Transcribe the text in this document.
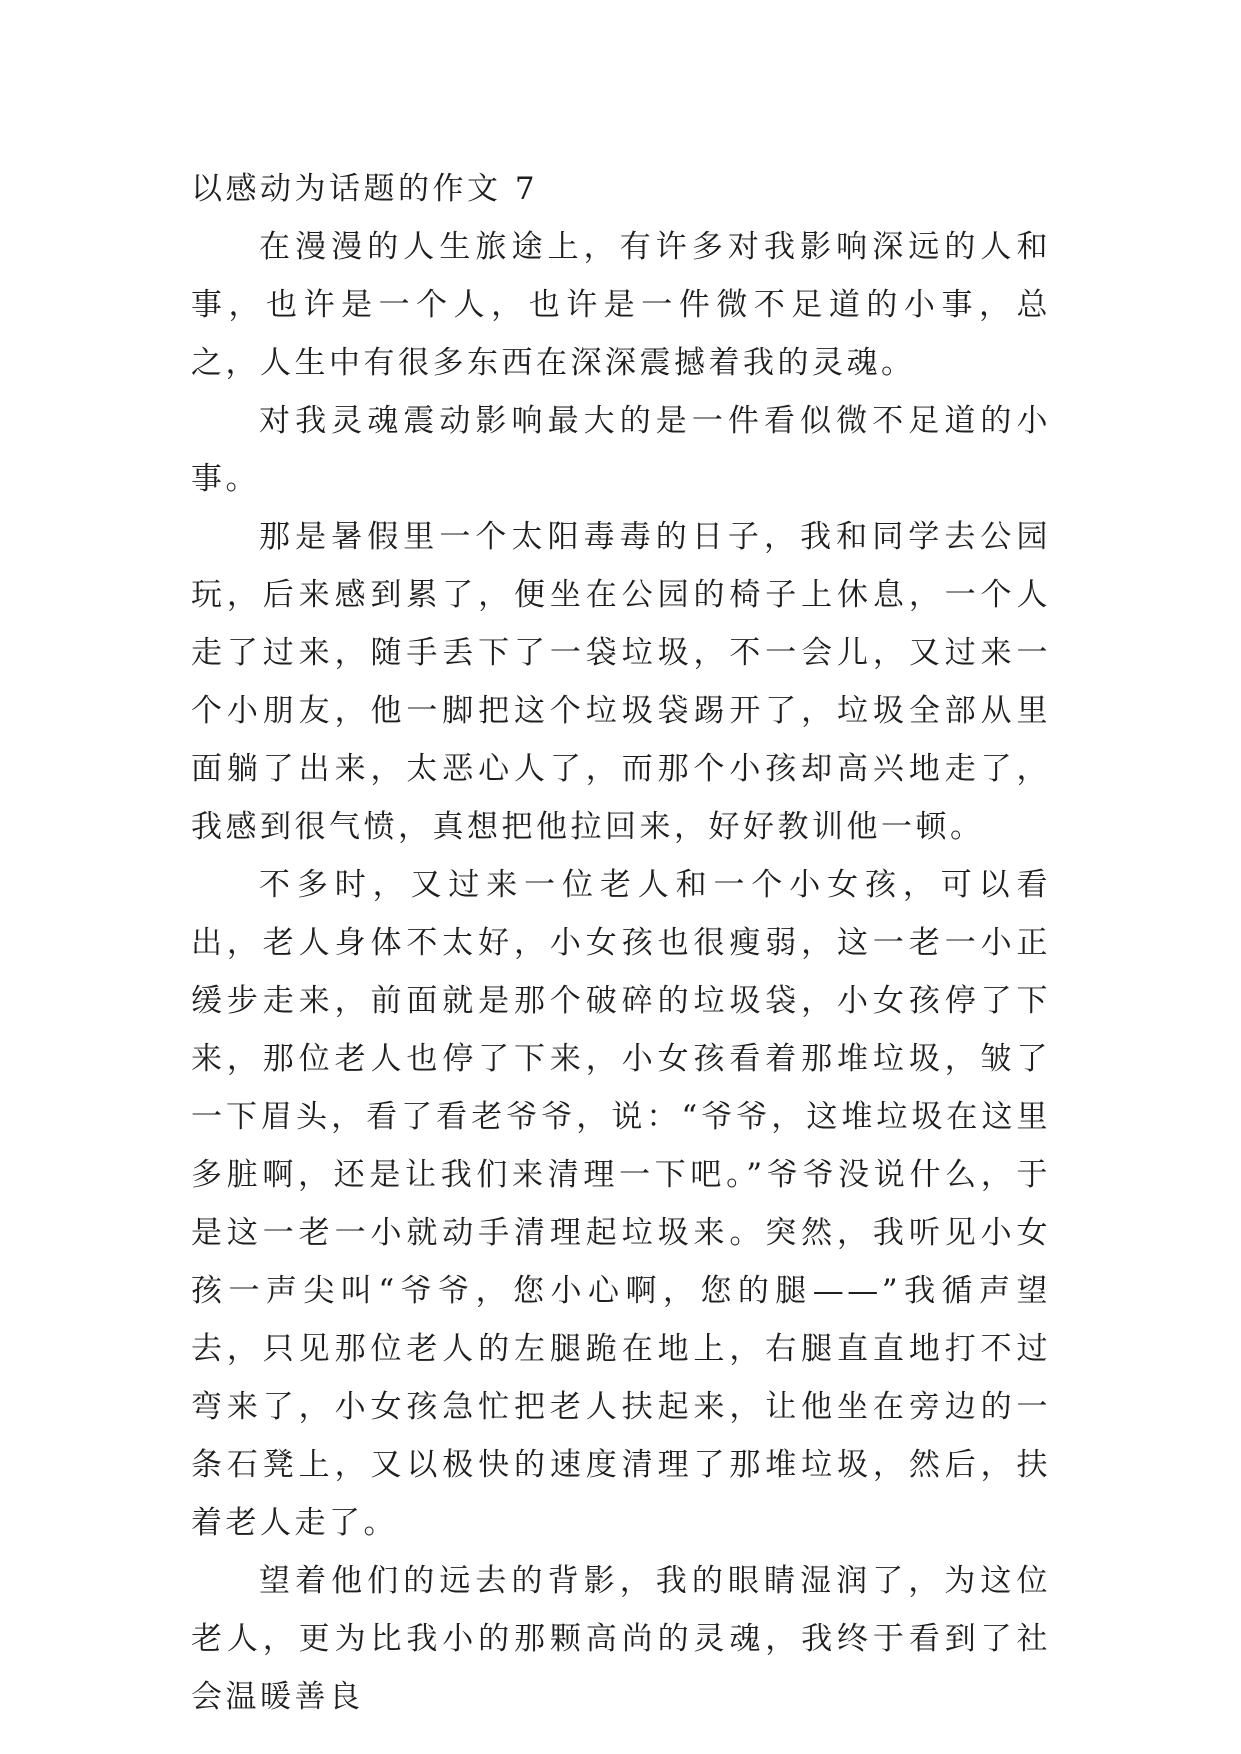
以感动为话题的作文 7

在漫漫的人生旅途上，有许多对我影响深远的人和事，也许是一个人，也许是一件微不足道的小事，总之，人生中有很多东西在深深震撼着我的灵魂。

对我灵魂震动影响最大的是一件看似微不足道的小事。

那是暑假里一个太阳毒毒的日子，我和同学去公园玩，后来感到累了，便坐在公园的椅子上休息，一个人走了过来，随手丢下了一袋垃圾，不一会儿，又过来一个小朋友，他一脚把这个垃圾袋踢开了，垃圾全部从里面躺了出来，太恶心人了，而那个小孩却高兴地走了，我感到很气愤，真想把他拉回来，好好教训他一顿。

不多时，又过来一位老人和一个小女孩，可以看出，老人身体不太好，小女孩也很瘦弱，这一老一小正缓步走来，前面就是那个破碎的垃圾袋，小女孩停了下来，那位老人也停了下来，小女孩看着那堆垃圾，皱了一下眉头，看了看老爷爷，说：“爷爷，这堆垃圾在这里多脏啊，还是让我们来清理一下吧。”爷爷没说什么，于是这一老一小就动手清理起垃圾来。突然，我听见小女孩一声尖叫“爷爷，您小心啊，您的腿——”我循声望去，只见那位老人的左腿跪在地上，右腿直直地打不过弯来了，小女孩急忙把老人扶起来，让他坐在旁边的一条石凳上，又以极快的速度清理了那堆垃圾，然后，扶着老人走了。

望着他们的远去的背影，我的眼睛湿润了，为这位老人，更为比我小的那颗高尚的灵魂，我终于看到了社会温暖善良
